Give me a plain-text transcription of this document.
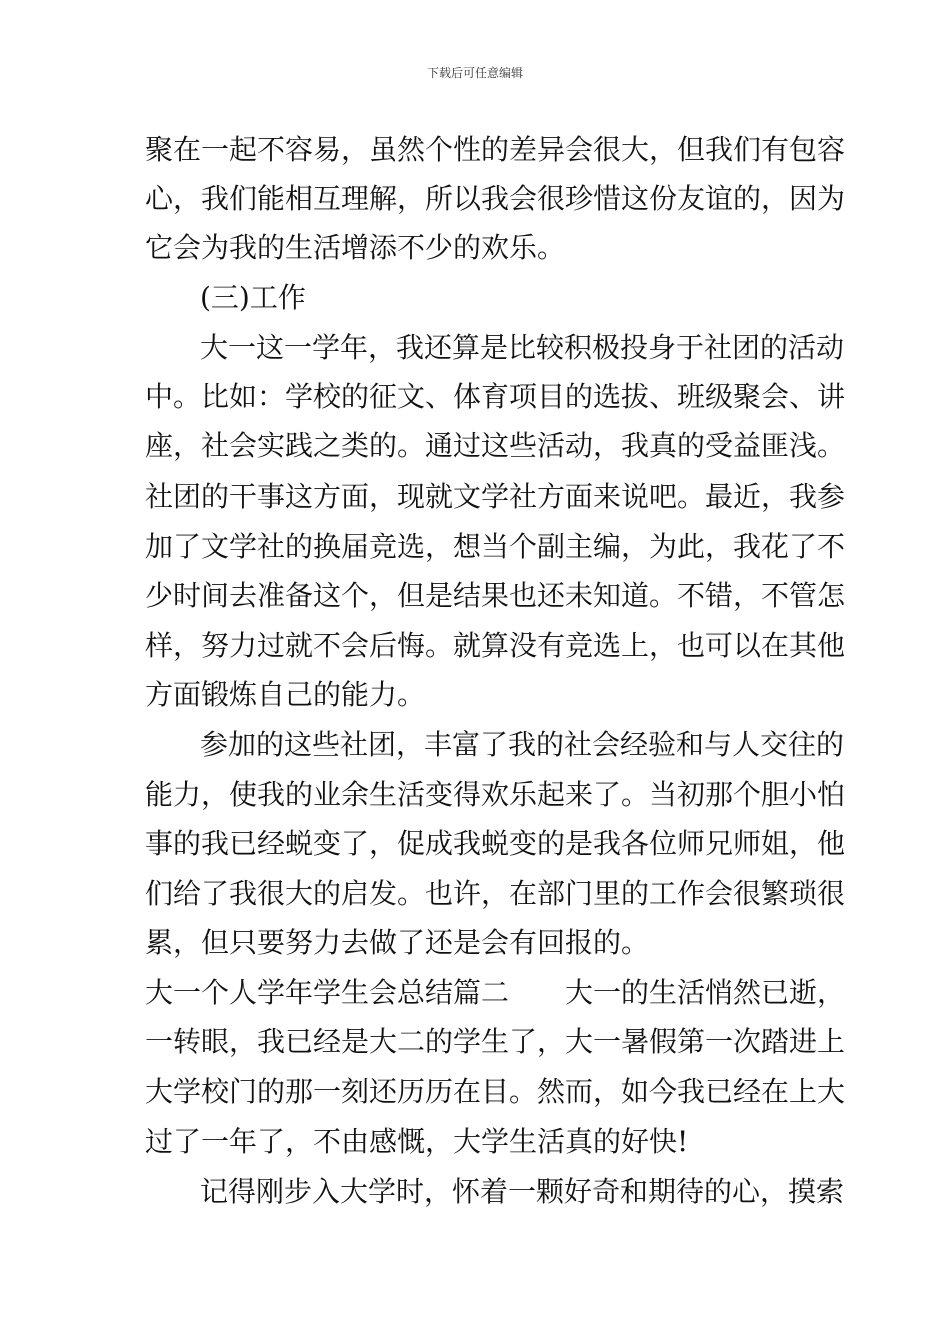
下载后可任意编辑
聚在一起不容易，虽然个性的差异会很大，但我们有包容
心，我们能相互理解，所以我会很珍惜这份友谊的，因为
它会为我的生活增添不少的欢乐。
(三)工作
大一这一学年，我还算是比较积极投身于社团的活动
中。比如：学校的征文、体育项目的选拔、班级聚会、讲
座，社会实践之类的。通过这些活动，我真的受益匪浅。
社团的干事这方面，现就文学社方面来说吧。最近，我参
加了文学社的换届竞选，想当个副主编，为此，我花了不
少时间去准备这个，但是结果也还未知道。不错，不管怎
样，努力过就不会后悔。就算没有竞选上，也可以在其他
方面锻炼自己的能力。
参加的这些社团，丰富了我的社会经验和与人交往的
能力，使我的业余生活变得欢乐起来了。当初那个胆小怕
事的我已经蜕变了，促成我蜕变的是我各位师兄师姐，他
们给了我很大的启发。也许，在部门里的工作会很繁琐很
累，但只要努力去做了还是会有回报的。
大一个人学年学生会总结篇二　　大一的生活悄然已逝，
一转眼，我已经是大二的学生了，大一暑假第一次踏进上
大学校门的那一刻还历历在目。然而，如今我已经在上大
过了一年了，不由感慨，大学生活真的好快!
记得刚步入大学时，怀着一颗好奇和期待的心，摸索
